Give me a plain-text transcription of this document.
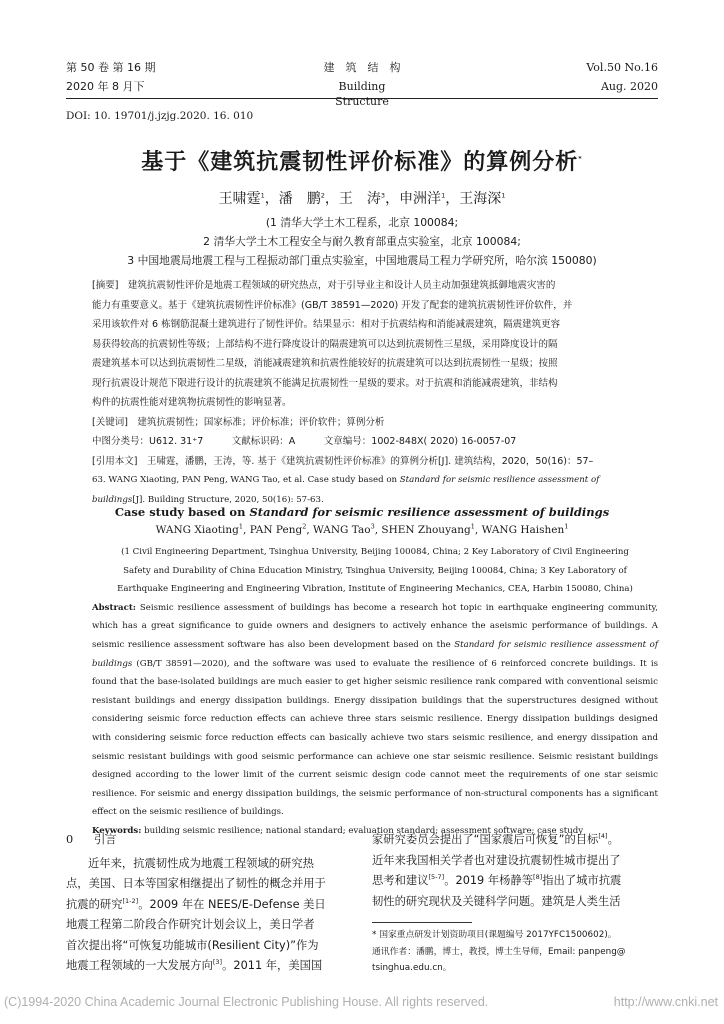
第 50 卷 第 16 期
2020 年 8 月下
建　筑　结　构
Building Structure
Vol.50 No.16
Aug. 2020
DOI: 10. 19701/j.jzjg.2020. 16. 010
基于《建筑抗震韧性评价标准》的算例分析*
王啸霆$^1$，潘　鹏$^2$，王　涛$^3$，申洲洋$^1$，王海深$^1$
(1 清华大学土木工程系，北京 100084;
2 清华大学土木工程安全与耐久教育部重点实验室，北京 100084;
3 中国地震局地震工程与工程振动部门重点实验室，中国地震局工程力学研究所，哈尔滨 150080)
[摘要]　建筑抗震韧性评价是地震工程领域的研究热点，对于引导业主和设计人员主动加强建筑抵御地震灾害的
能力有重要意义。基于《建筑抗震韧性评价标准》(GB/T 38591—2020) 开发了配套的建筑抗震韧性评价软件，并
采用该软件对 6 栋钢筋混凝土建筑进行了韧性评价。结果显示：相对于抗震结构和消能减震建筑，隔震建筑更容
易获得较高的抗震韧性等级；上部结构不进行降度设计的隔震建筑可以达到抗震韧性三星级，采用降度设计的隔
震建筑基本可以达到抗震韧性二星级，消能减震建筑和抗震性能较好的抗震建筑可以达到抗震韧性一星级；按照
现行抗震设计规范下限进行设计的抗震建筑不能满足抗震韧性一星级的要求。对于抗震和消能减震建筑，非结构
构件的抗震性能对建筑物抗震韧性的影响显著。
[关键词]　建筑抗震韧性；国家标准；评价标准；评价软件；算例分析
中图分类号：U612. 31⁺7　　　文献标识码：A　　　文章编号：1002-848X( 2020) 16-0057-07
[引用本文]　王啸霆，潘鹏，王涛，等. 基于《建筑抗震韧性评价标准》的算例分析[J]. 建筑结构，2020，50(16)：57–
63. WANG Xiaoting, PAN Peng, WANG Tao, et al. Case study based on Standard for seismic resilience assessment of
buildings[J]. Building Structure, 2020, 50(16): 57-63.
Case study based on Standard for seismic resilience assessment of buildings
WANG Xiaoting$^1$, PAN Peng$^2$, WANG Tao$^3$, SHEN Zhouyang$^1$, WANG Haishen$^1$
(1 Civil Engineering Department, Tsinghua University, Beijing 100084, China; 2 Key Laboratory of Civil Engineering
Safety and Durability of China Education Ministry, Tsinghua University, Beijing 100084, China; 3 Key Laboratory of
Earthquake Engineering and Engineering Vibration, Institute of Engineering Mechanics, CEA, Harbin 150080, China)
Abstract: Seismic resilience assessment of buildings has become a research hot topic in earthquake engineering community, which has a great significance to guide owners and designers to actively enhance the aseismic performance of buildings. A seismic resilience assessment software has also been development based on the Standard for seismic resilience assessment of buildings (GB/T 38591—2020), and the software was used to evaluate the resilience of 6 reinforced concrete buildings. It is found that the base-isolated buildings are much easier to get higher seismic resilience rank compared with conventional seismic resistant buildings and energy dissipation buildings. Energy dissipation buildings that the superstructures designed without considering seismic force reduction effects can achieve three stars seismic resilience. Energy dissipation buildings designed with considering seismic force reduction effects can basically achieve two stars seismic resilience, and energy dissipation and seismic resistant buildings with good seismic performance can achieve one star seismic resilience. Seismic resistant buildings designed according to the lower limit of the current seismic design code cannot meet the requirements of one star seismic resilience. For seismic and energy dissipation buildings, the seismic performance of non-structural components has a significant effect on the seismic resilience of buildings.
Keywords: building seismic resilience; national standard; evaluation standard; assessment software; case study
0 引言
近年来，抗震韧性成为地震工程领域的研究热
点，美国、日本等国家相继提出了韧性的概念并用于
抗震的研究[1-2]。2009 年在 NEES/E-Defense 美日
地震工程第二阶段合作研究计划会议上，美日学者
首次提出将“可恢复功能城市(Resilient City)”作为
地震工程领域的一大发展方向[3]。2011 年，美国国
家研究委员会提出了“国家震后可恢复”的目标[4]。
近年来我国相关学者也对建设抗震韧性城市提出了
思考和建议[5-7]。2019 年杨静等[8]指出了城市抗震
韧性的研究现状及关键科学问题。建筑是人类生活
* 国家重点研发计划资助项目(课题编号 2017YFC1500602)。
通讯作者：潘鹏，博士，教授，博士生导师，Email: panpeng@
tsinghua.edu.cn。
(C)1994-2020 China Academic Journal Electronic Publishing House. All rights reserved.	http://www.cnki.net
